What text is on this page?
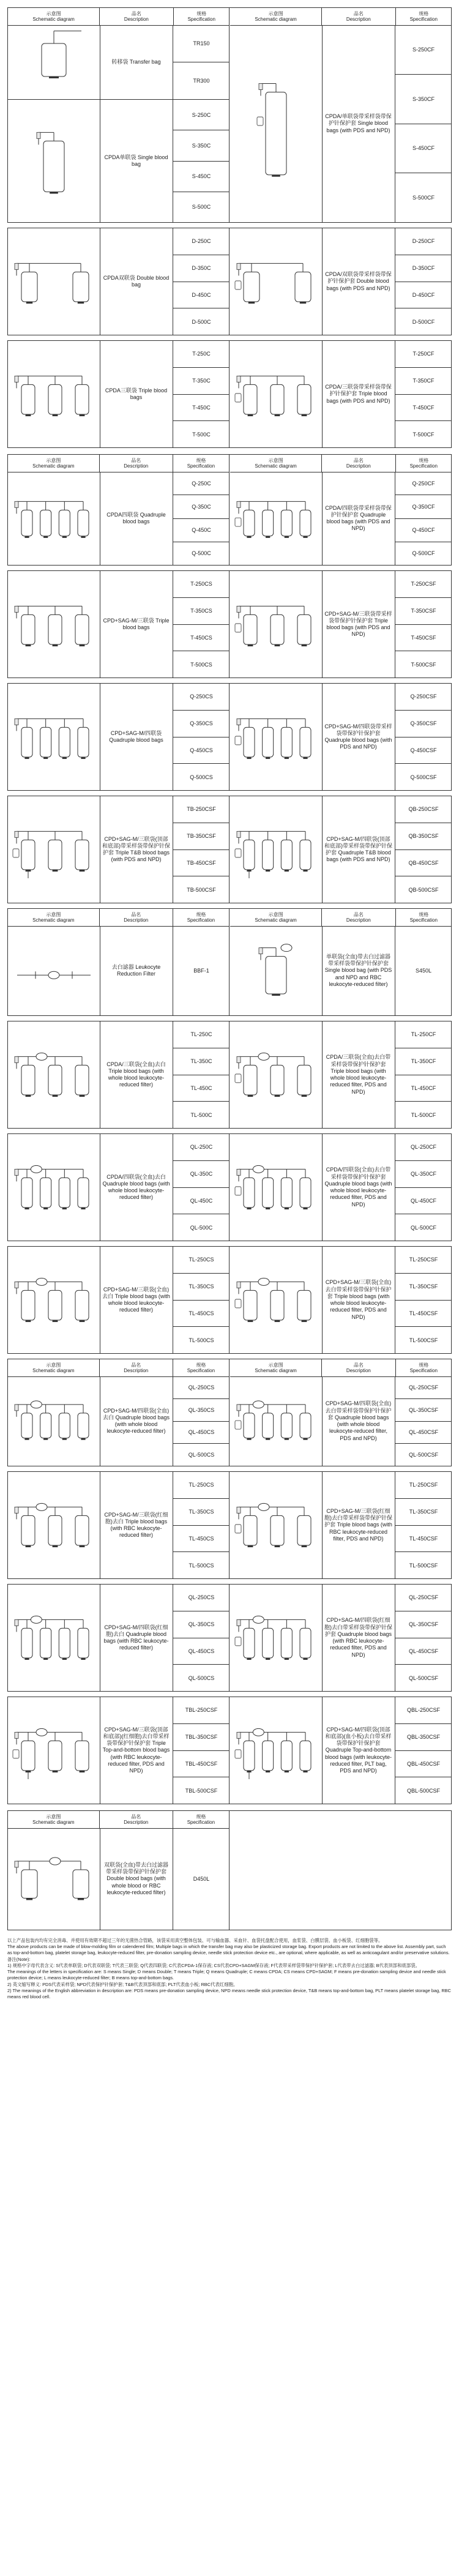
示意图
Schematic diagram
品名
Description
规格
Specification
转移袋 Transfer bag
TR150
TR300
CPDA单联袋 Single blood bag
S-250C
S-350C
S-450C
S-500C
示意图
Schematic diagram
品名
Description
规格
Specification
CPDA/单联袋带采样袋带保护针保护套 Single blood bags (with PDS and NPD)
S-250CF
S-350CF
S-450CF
S-500CF
CPDA双联袋 Double blood bag
D-250C
D-350C
D-450C
D-500C
CPDA/双联袋带采样袋带保护针保护套 Double blood bags (with PDS and NPD)
D-250CF
D-350CF
D-450CF
D-500CF
CPDA三联袋 Triple blood bags
T-250C
T-350C
T-450C
T-500C
CPDA/三联袋带采样袋带保护针保护套 Triple blood bags (with PDS and NPD)
T-250CF
T-350CF
T-450CF
T-500CF
示意图
Schematic diagram
品名
Description
规格
Specification
CPDA四联袋 Quadruple blood bags
Q-250C
Q-350C
Q-450C
Q-500C
示意图
Schematic diagram
品名
Description
规格
Specification
CPDA/四联袋带采样袋带保护针保护套 Quadruple blood bags (with PDS and NPD)
Q-250CF
Q-350CF
Q-450CF
Q-500CF
CPD+SAG-M/三联袋 Triple blood bags
T-250CS
T-350CS
T-450CS
T-500CS
CPD+SAG-M/三联袋带采样袋带保护针保护套 Triple blood bags (with PDS and NPD)
T-250CSF
T-350CSF
T-450CSF
T-500CSF
CPD+SAG-M/四联袋 Quadruple blood bags
Q-250CS
Q-350CS
Q-450CS
Q-500CS
CPD+SAG-M/四联袋带采样袋带保护针保护套 Quadruple blood bags (with PDS and NPD)
Q-250CSF
Q-350CSF
Q-450CSF
Q-500CSF
CPD+SAG-M/三联袋(顶部和底部)带采样袋带保护针保护套 Triple T&B blood bags (with PDS and NPD)
TB-250CSF
TB-350CSF
TB-450CSF
TB-500CSF
CPD+SAG-M/四联袋(顶部和底部)带采样袋带保护针保护套 Quadruple T&B blood bags (with PDS and NPD)
QB-250CSF
QB-350CSF
QB-450CSF
QB-500CSF
示意图
Schematic diagram
品名
Description
规格
Specification
去白滤器 Leukocyte Reduction Filter	BBF-1
示意图
Schematic diagram
品名
Description
规格
Specification
单联袋(全血)带去白过滤器带采样袋带保护针保护套 Single blood bag (with PDS and NPD and RBC leukocyte-reduced filter)
S450L
CPDA/三联袋(全血)去白 Triple blood bags (with whole blood leukocyte-reduced filter)
TL-250C
TL-350C
TL-450C
TL-500C
CPDA/三联袋(全血)去白带采样袋带保护针保护套 Triple blood bags (with whole blood leukocyte-reduced filter, PDS and NPD)
TL-250CF
TL-350CF
TL-450CF
TL-500CF
CPDA/四联袋(全血)去白 Quadruple blood bags (with whole blood leukocyte-reduced filter)
QL-250C
QL-350C
QL-450C
QL-500C
CPDA/四联袋(全血)去白带采样袋带保护针保护套 Quadruple blood bags (with whole blood leukocyte-reduced filter, PDS and NPD)
QL-250CF
QL-350CF
QL-450CF
QL-500CF
CPD+SAG-M/三联袋(全血)去白 Triple blood bags (with whole blood leukocyte-reduced filter)
TL-250CS
TL-350CS
TL-450CS
TL-500CS
CPD+SAG-M/三联袋(全血)去白带采样袋带保护针保护套 Triple blood bags (with whole blood leukocyte-reduced filter, PDS and NPD)
TL-250CSF
TL-350CSF
TL-450CSF
TL-500CSF
示意图
Schematic diagram
品名
Description
规格
Specification
CPD+SAG-M/四联袋(全血)去白 Quadruple blood bags (with whole blood leukocyte-reduced filter)
QL-250CS
QL-350CS
QL-450CS
QL-500CS
示意图
Schematic diagram
品名
Description
规格
Specification
CPD+SAG-M/四联袋(全血)去白带采样袋带保护针保护套 Quadruple blood bags (with whole blood leukocyte-reduced filter, PDS and NPD)
QL-250CSF
QL-350CSF
QL-450CSF
QL-500CSF
CPD+SAG-M/三联袋(红细胞)去白 Triple blood bags (with RBC leukocyte-reduced filter)
TL-250CS
TL-350CS
TL-450CS
TL-500CS
CPD+SAG-M/三联袋(红细胞)去白带采样袋带保护针保护套 Triple blood bags (with RBC leukocyte-reduced filter, PDS and NPD)
TL-250CSF
TL-350CSF
TL-450CSF
TL-500CSF
CPD+SAG-M/四联袋(红细胞)去白 Quadruple blood bags (with RBC leukocyte-reduced filter)
QL-250CS
QL-350CS
QL-450CS
QL-500CS
CPD+SAG-M/四联袋(红细胞)去白带采样袋带保护针保护套 Quadruple blood bags (with RBC leukocyte-reduced filter, PDS and NPD)
QL-250CSF
QL-350CSF
QL-450CSF
QL-500CSF
CPD+SAG-M/三联袋(顶部和底部)(红细胞)去白带采样袋带保护针保护套 Triple Top-and-bottom blood bags (with RBC leukocyte-reduced filter, PDS and NPD)
TBL-250CSF
TBL-350CSF
TBL-450CSF
TBL-500CSF
CPD+SAG-M/四联袋(顶部和底部)(血小板)去白带采样袋带保护针保护套 Quadruple Top-and-bottom blood bags (with leukocyte-reduced filter, PLT bag, PDS and NPD)
QBL-250CSF
QBL-350CSF
QBL-450CSF
QBL-500CSF
示意图
Schematic diagram
品名
Description
规格
Specification
双联袋(全血)带去白过滤器带采样袋带保护针保护套 Double blood bags (with whole blood or RBC leukocyte-reduced filter)
D450L

以上产品包装内均有完全消毒、并使用有效期不超过三年的无菌热合管路，该袋采用真空整体包装、可与输血器、采血针、血袋托盘配合使用，血浆袋、白膜层袋、血小板袋、红细胞袋等。

The above products can be made of blow-molding film or calendered film; Multiple bags in which the transfer bag may also be plasticized storage bag. Export products are not limited to the above list. Assembly part, such as top-and-bottom bag, platelet storage bag, leukocyte-reduced filter, pre-donation sampling device, needle stick protection device etc., are optional, where applicable, as well as anticoagulant and/or preservative solutions.

备注(Note):

1) 规格中字母代表含义: S代表单联袋; D代表双联袋; T代表三联袋; Q代表四联袋; C代表CPDA-1保存液; CS代表CPD+SAGM保存液; F代表带采样袋带保护针保护套; L代表带去白过滤器; B代表顶部和底部袋。

The meanings of the letters in specification are: S means Single; D means Double; T means Triple; Q means Quadruple; C means CPDA; CS means CPD+SAGM; F means pre-donation sampling device and needle stick protection device; L means leukocyte-reduced filter; B means top-and-bottom bags.

2) 英文缩写释义: PDS代表采样袋; NPD代表保护针保护套; T&B代表顶部和底部; PLT代表血小板; RBC代表红细胞。

2) The meanings of the English abbreviation in description are: PDS means pre-donation sampling device, NPD means needle stick protection device, T&B means top-and-bottom bag, PLT means platelet storage bag, RBC means red blood cell.
